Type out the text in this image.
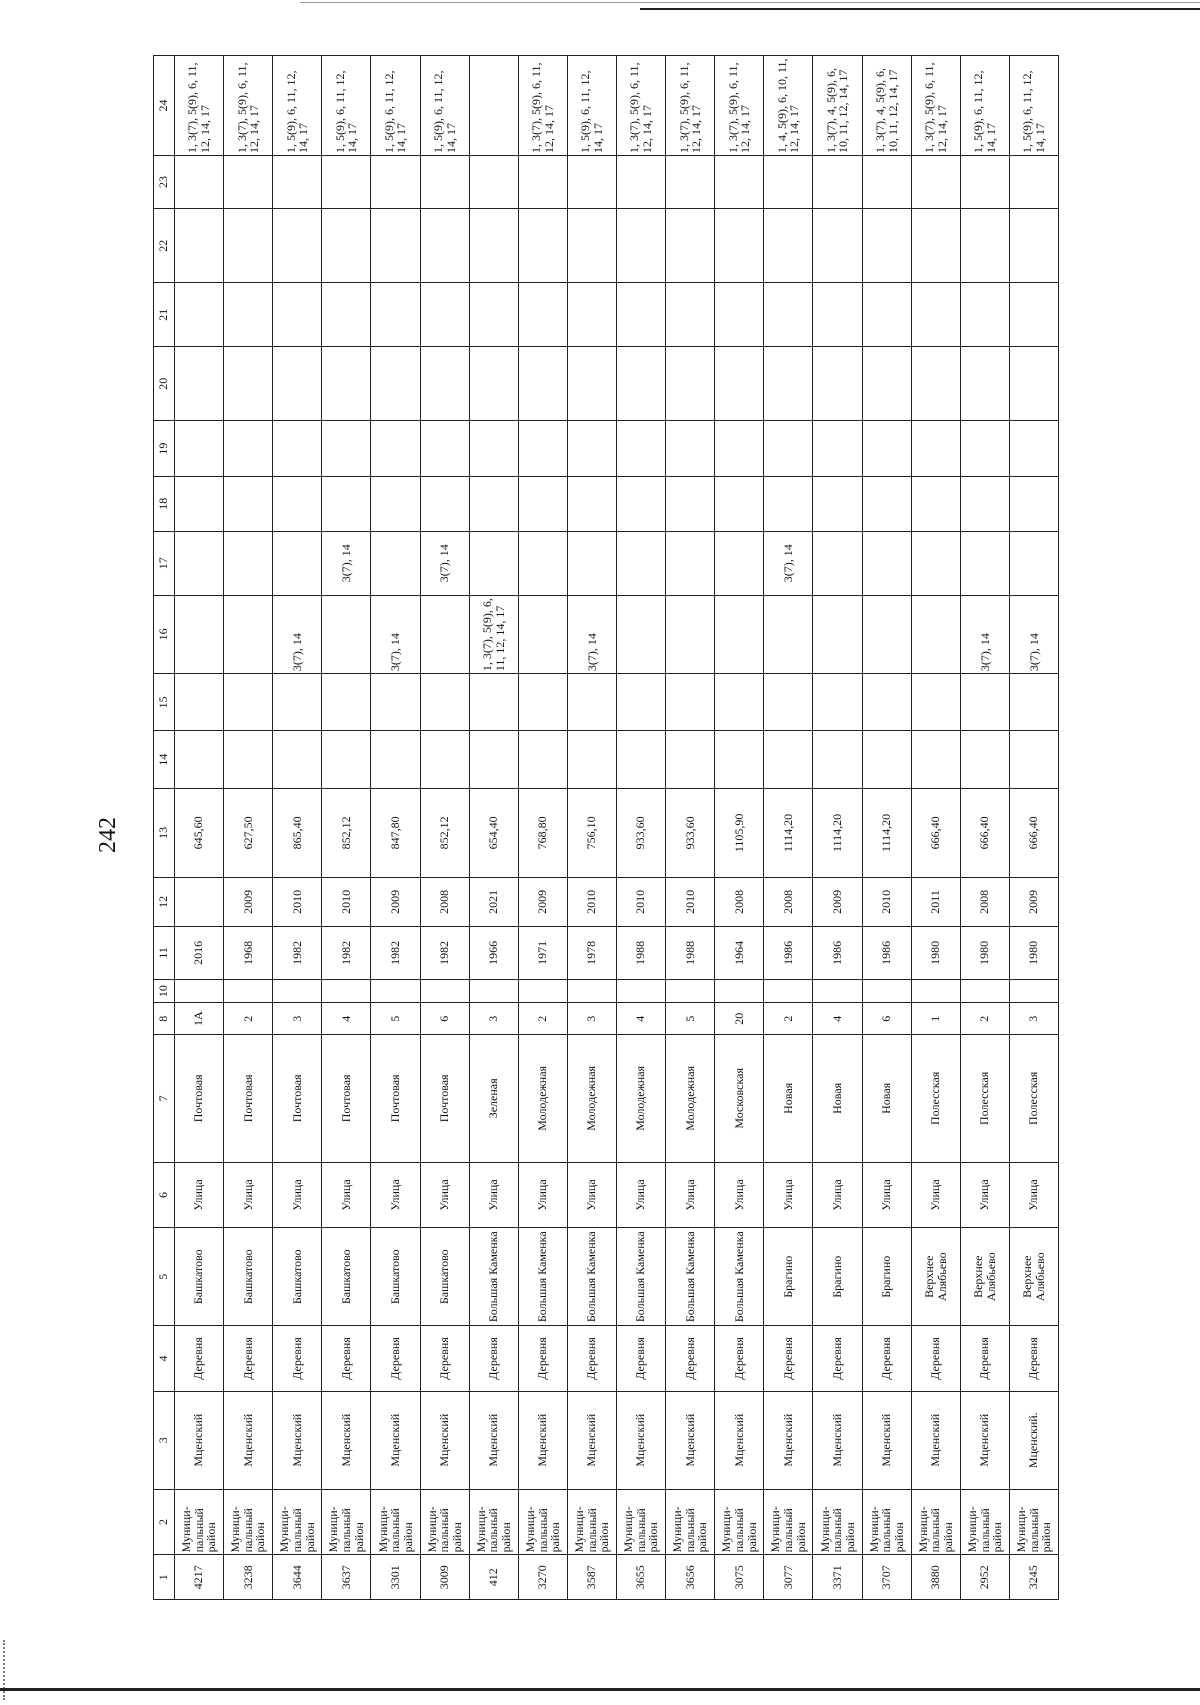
242
1	2	3	4	5	6	7	8	10	11	12	13	14	15	16	17	18	19	20	21	22	23	24
4217	Муници-пальный район	Мценский	Деревня	Башкатово	Улица	Почтовая	1А		2016		645,60											1, 3(7), 5(9), 6, 11, 12, 14, 17
3238	Муници-пальный район	Мценский	Деревня	Башкатово	Улица	Почтовая	2		1968	2009	627,50											1, 3(7), 5(9), 6, 11, 12, 14, 17
3644	Муници-пальный район	Мценский	Деревня	Башкатово	Улица	Почтовая	3		1982	2010	865,40			3(7), 14								1, 5(9), 6, 11, 12, 14, 17
3637	Муници-пальный район	Мценский	Деревня	Башкатово	Улица	Почтовая	4		1982	2010	852,12				3(7), 14							1, 5(9), 6, 11, 12, 14, 17
3301	Муници-пальный район	Мценский	Деревня	Башкатово	Улица	Почтовая	5		1982	2009	847,80			3(7), 14								1, 5(9), 6, 11, 12, 14, 17
3009	Муници-пальный район	Мценский	Деревня	Башкатово	Улица	Почтовая	6		1982	2008	852,12				3(7), 14							1, 5(9), 6, 11, 12, 14, 17
412	Муници-пальный район	Мценский	Деревня	Большая Каменка	Улица	Зеленая	3		1966	2021	654,40			1, 3(7), 5(9), 6, 11, 12, 14, 17								
3270	Муници-пальный район	Мценский	Деревня	Большая Каменка	Улица	Молодежная	2		1971	2009	768,80											1, 3(7), 5(9), 6, 11, 12, 14, 17
3587	Муници-пальный район	Мценский	Деревня	Большая Каменка	Улица	Молодежная	3		1978	2010	756,10			3(7), 14								1, 5(9), 6, 11, 12, 14, 17
3655	Муници-пальный район	Мценский	Деревня	Большая Каменка	Улица	Молодежная	4		1988	2010	933,60											1, 3(7), 5(9), 6, 11, 12, 14, 17
3656	Муници-пальный район	Мценский	Деревня	Большая Каменка	Улица	Молодежная	5		1988	2010	933,60											1, 3(7), 5(9), 6, 11, 12, 14, 17
3075	Муници-пальный район	Мценский	Деревня	Большая Каменка	Улица	Московская	20		1964	2008	1105,90											1, 3(7), 5(9), 6, 11, 12, 14, 17
3077	Муници-пальный район	Мценский	Деревня	Брагино	Улица	Новая	2		1986	2008	1114,20				3(7), 14							1, 4, 5(9), 6, 10, 11, 12, 14, 17
3371	Муници-пальный район	Мценский	Деревня	Брагино	Улица	Новая	4		1986	2009	1114,20											1, 3(7), 4, 5(9), 6, 10, 11, 12, 14, 17
3707	Муници-пальный район	Мценский	Деревня	Брагино	Улица	Новая	6		1986	2010	1114,20											1, 3(7), 4, 5(9), 6, 10, 11, 12, 14, 17
3880	Муници-пальный район	Мценский	Деревня	Верхнее Алябьево	Улица	Полесская	1		1980	2011	666,40											1, 3(7), 5(9), 6, 11, 12, 14, 17
2952	Муници-пальный район	Мценский	Деревня	Верхнее Алябьево	Улица	Полесская	2		1980	2008	666,40			3(7), 14								1, 5(9), 6, 11, 12, 14, 17
3245	Муници-пальный район	Мценский.	Деревня	Верхнее Алябьево	Улица	Полесская	3		1980	2009	666,40			3(7), 14								1, 5(9), 6, 11, 12, 14, 17
